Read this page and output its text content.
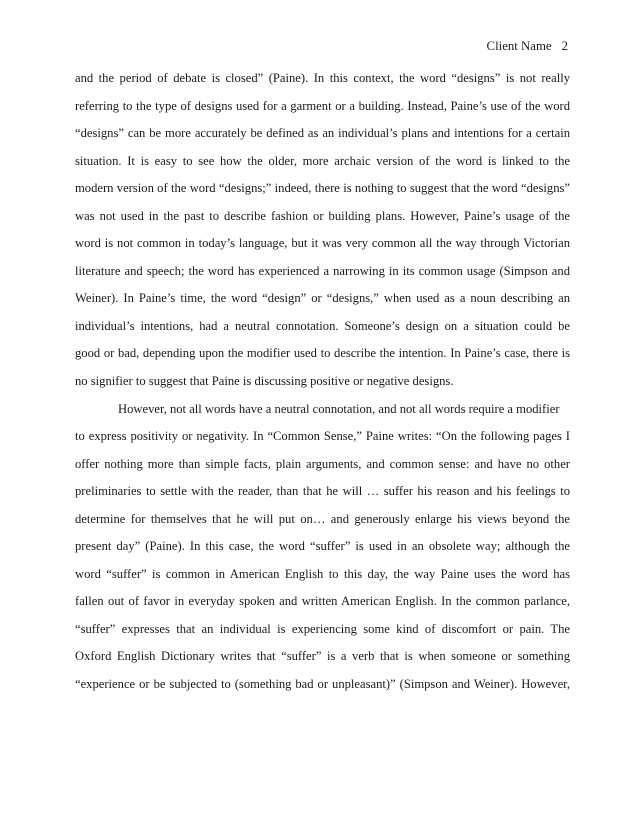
Client Name 2
and the period of debate is closed” (Paine). In this context, the word “designs” is not really
referring to the type of designs used for a garment or a building. Instead, Paine’s use of the word
“designs” can be more accurately be defined as an individual’s plans and intentions for a certain
situation. It is easy to see how the older, more archaic version of the word is linked to the
modern version of the word “designs;” indeed, there is nothing to suggest that the word “designs”
was not used in the past to describe fashion or building plans. However, Paine’s usage of the
word is not common in today’s language, but it was very common all the way through Victorian
literature and speech; the word has experienced a narrowing in its common usage (Simpson and
Weiner). In Paine’s time, the word “design” or “designs,” when used as a noun describing an
individual’s intentions, had a neutral connotation. Someone’s design on a situation could be
good or bad, depending upon the modifier used to describe the intention. In Paine’s case, there is
no signifier to suggest that Paine is discussing positive or negative designs.
However, not all words have a neutral connotation, and not all words require a modifier
to express positivity or negativity. In “Common Sense,” Paine writes: “On the following pages I
offer nothing more than simple facts, plain arguments, and common sense: and have no other
preliminaries to settle with the reader, than that he will … suffer his reason and his feelings to
determine for themselves that he will put on… and generously enlarge his views beyond the
present day” (Paine). In this case, the word “suffer” is used in an obsolete way; although the
word “suffer” is common in American English to this day, the way Paine uses the word has
fallen out of favor in everyday spoken and written American English. In the common parlance,
“suffer” expresses that an individual is experiencing some kind of discomfort or pain. The
Oxford English Dictionary writes that “suffer” is a verb that is when someone or something
“experience or be subjected to (something bad or unpleasant)” (Simpson and Weiner). However,
